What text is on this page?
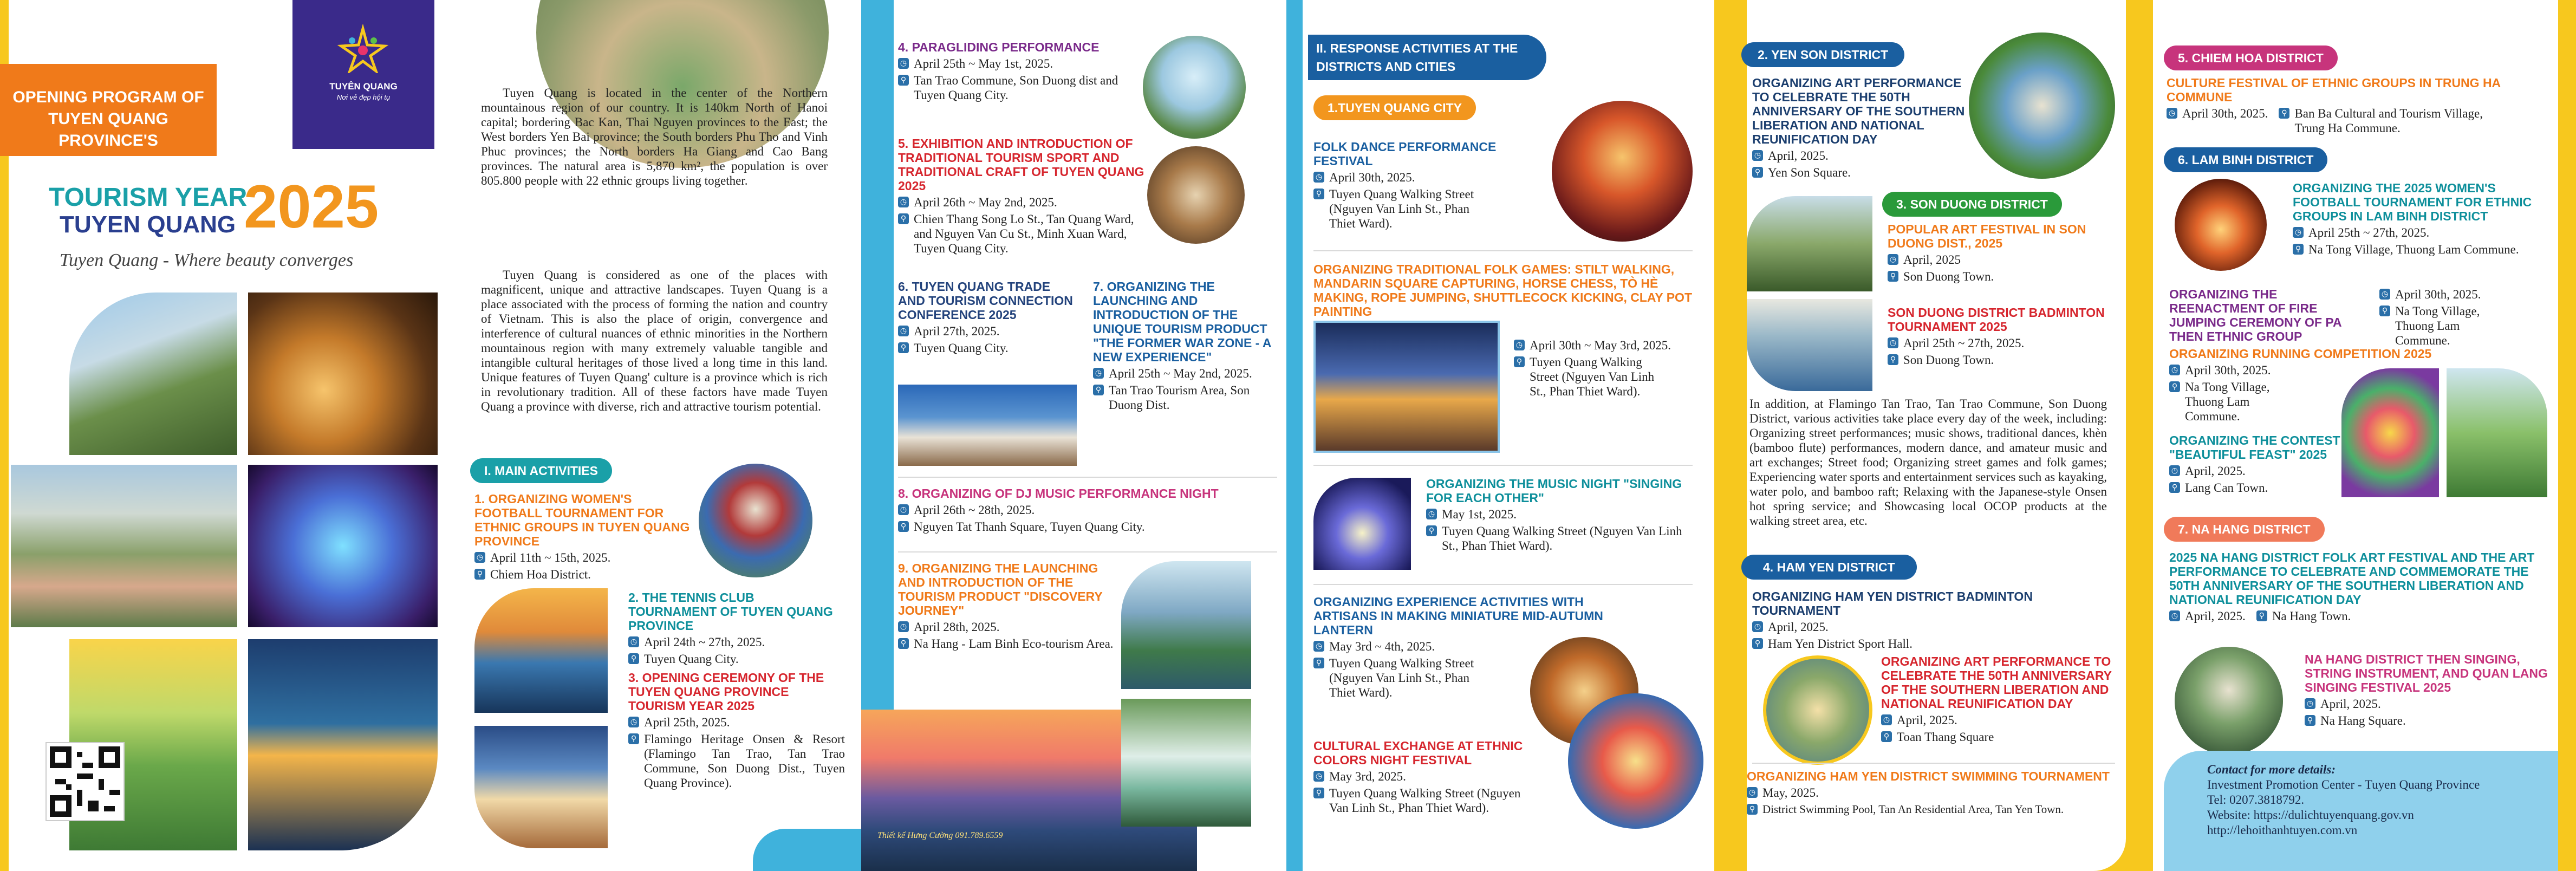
OPENING PROGRAM OF
TUYEN QUANG PROVINCE'S
TUYÊN QUANG
Nơi vẻ đẹp hội tụ
TOURISM YEAR
TUYEN QUANG 2025
Tuyen Quang - Where beauty converges
Tuyen Quang is located in the center of the Northern mountainous region of our country. It is 140km North of Hanoi capital; bordering Bac Kan, Thai Nguyen provinces to the East; the West borders Yen Bai province; the South borders Phu Tho and Vinh Phuc provinces; the North borders Ha Giang and Cao Bang provinces. The natural area is 5,870 km², the population is over 805.800 people with 22 ethnic groups living together.
Tuyen Quang is considered as one of the places with magnificent, unique and attractive landscapes. Tuyen Quang is a place associated with the process of forming the nation and country of Vietnam. This is also the place of origin, convergence and interference of cultural nuances of ethnic minorities in the Northern mountainous region with many extremely valuable tangible and intangible cultural heritages of those lived a long time in this land. Unique features of Tuyen Quang' culture is a province which is rich in revolutionary tradition. All of these factors have made Tuyen Quang a province with diverse, rich and attractive tourism potential.
I. MAIN ACTIVITIES
1. ORGANIZING WOMEN'S FOOTBALL TOURNAMENT FOR ETHNIC GROUPS IN TUYEN QUANG PROVINCE
◷ April 11th ~ 15th, 2025.
⚲ Chiem Hoa District.
2. THE TENNIS CLUB TOURNAMENT OF TUYEN QUANG PROVINCE
◷ April 24th ~ 27th, 2025.
⚲ Tuyen Quang City.
3. OPENING CEREMONY OF THE TUYEN QUANG PROVINCE TOURISM YEAR 2025
◷ April 25th, 2025.
⚲ Flamingo Heritage Onsen & Resort (Flamingo Tan Trao, Tan Trao Commune, Son Duong Dist., Tuyen Quang Province).
4. PARAGLIDING PERFORMANCE
◷ April 25th ~ May 1st, 2025.
⚲ Tan Trao Commune, Son Duong dist and Tuyen Quang City.
5. EXHIBITION AND INTRODUCTION OF TRADITIONAL TOURISM SPORT AND TRADITIONAL CRAFT OF TUYEN QUANG 2025
◷ April 26th ~ May 2nd, 2025.
⚲ Chien Thang Song Lo St., Tan Quang Ward, and Nguyen Van Cu St., Minh Xuan Ward, Tuyen Quang City.
6. TUYEN QUANG TRADE AND TOURISM CONNECTION CONFERENCE 2025
◷ April 27th, 2025.
⚲ Tuyen Quang City.
7. ORGANIZING THE LAUNCHING AND INTRODUCTION OF THE UNIQUE TOURISM PRODUCT "THE FORMER WAR ZONE - A NEW EXPERIENCE"
◷ April 25th ~ May 2nd, 2025.
⚲ Tan Trao Tourism Area, Son Duong Dist.
8. ORGANIZING OF DJ MUSIC PERFORMANCE NIGHT
◷ April 26th ~ 28th, 2025.
⚲ Nguyen Tat Thanh Square, Tuyen Quang City.
9. ORGANIZING THE LAUNCHING AND INTRODUCTION OF THE TOURISM PRODUCT "DISCOVERY JOURNEY"
◷ April 28th, 2025.
⚲ Na Hang - Lam Binh Eco-tourism Area.
Thiết kế Hưng Cường 091.789.6559
II. RESPONSE ACTIVITIES AT THE DISTRICTS AND CITIES
1.TUYEN QUANG CITY
FOLK DANCE PERFORMANCE FESTIVAL
◷ April 30th, 2025.
⚲ Tuyen Quang Walking Street (Nguyen Van Linh St., Phan Thiet Ward).
ORGANIZING TRADITIONAL FOLK GAMES: STILT WALKING, MANDARIN SQUARE CAPTURING, HORSE CHESS, TÒ HÈ MAKING, ROPE JUMPING, SHUTTLECOCK KICKING, CLAY POT PAINTING
◷ April 30th ~ May 3rd, 2025.
⚲ Tuyen Quang Walking Street (Nguyen Van Linh St., Phan Thiet Ward).
ORGANIZING THE MUSIC NIGHT "SINGING FOR EACH OTHER"
◷ May 1st, 2025.
⚲ Tuyen Quang Walking Street (Nguyen Van Linh St., Phan Thiet Ward).
ORGANIZING EXPERIENCE ACTIVITIES WITH ARTISANS IN MAKING MINIATURE MID-AUTUMN LANTERN
◷ May 3rd ~ 4th, 2025.
⚲ Tuyen Quang Walking Street (Nguyen Van Linh St., Phan Thiet Ward).
CULTURAL EXCHANGE AT ETHNIC COLORS NIGHT FESTIVAL
◷ May 3rd, 2025.
⚲ Tuyen Quang Walking Street (Nguyen Van Linh St., Phan Thiet Ward).
2. YEN SON DISTRICT
ORGANIZING ART PERFORMANCE TO CELEBRATE THE 50TH ANNIVERSARY OF THE SOUTHERN LIBERATION AND NATIONAL REUNIFICATION DAY
◷ April, 2025.
⚲ Yen Son Square.
3. SON DUONG DISTRICT
POPULAR ART FESTIVAL IN SON DUONG DIST., 2025
◷ April, 2025
⚲ Son Duong Town.
SON DUONG DISTRICT BADMINTON TOURNAMENT 2025
◷ April 25th ~ 27th, 2025.
⚲ Son Duong Town.
In addition, at Flamingo Tan Trao, Tan Trao Commune, Son Duong District, various activities take place every day of the week, including: Organizing street performances; music shows, traditional dances, khèn (bamboo flute) performances, modern dance, and amateur music and art exchanges; Street food; Organizing street games and folk games; Experiencing water sports and entertainment services such as kayaking, water polo, and bamboo raft; Relaxing with the Japanese-style Onsen hot spring service; and Showcasing local OCOP products at the walking street area, etc.
4. HAM YEN DISTRICT
ORGANIZING HAM YEN DISTRICT BADMINTON TOURNAMENT
◷ April, 2025.
⚲ Ham Yen District Sport Hall.
ORGANIZING ART PERFORMANCE TO CELEBRATE THE 50TH ANNIVERSARY OF THE SOUTHERN LIBERATION AND NATIONAL REUNIFICATION DAY
◷ April, 2025.
⚲ Toan Thang Square
ORGANIZING HAM YEN DISTRICT SWIMMING TOURNAMENT
◷ May, 2025.
⚲ District Swimming Pool, Tan An Residential Area, Tan Yen Town.
5. CHIEM HOA DISTRICT
CULTURE FESTIVAL OF ETHNIC GROUPS IN TRUNG HA COMMUNE
◷ April 30th, 2025.	⚲ Ban Ba Cultural and Tourism Village, Trung Ha Commune.
6. LAM BINH DISTRICT
ORGANIZING THE 2025 WOMEN'S FOOTBALL TOURNAMENT FOR ETHNIC GROUPS IN LAM BINH DISTRICT
◷ April 25th ~ 27th, 2025.
⚲ Na Tong Village, Thuong Lam Commune.
ORGANIZING THE REENACTMENT OF FIRE JUMPING CEREMONY OF PA THEN ETHNIC GROUP
◷ April 30th, 2025.
⚲ Na Tong Village, Thuong Lam Commune.
ORGANIZING RUNNING COMPETITION 2025
◷ April 30th, 2025.
⚲ Na Tong Village, Thuong Lam Commune.
ORGANIZING THE CONTEST "BEAUTIFUL FEAST" 2025
◷ April, 2025.
⚲ Lang Can Town.
7. NA HANG DISTRICT
2025 NA HANG DISTRICT FOLK ART FESTIVAL AND THE ART PERFORMANCE TO CELEBRATE AND COMMEMORATE THE 50TH ANNIVERSARY OF THE SOUTHERN LIBERATION AND NATIONAL REUNIFICATION DAY
◷ April, 2025.	⚲ Na Hang Town.
NA HANG DISTRICT THEN SINGING, STRING INSTRUMENT, AND QUAN LANG SINGING FESTIVAL 2025
◷ April, 2025.
⚲ Na Hang Square.
Contact for more details:
Investment Promotion Center - Tuyen Quang Province
Tel: 0207.3818792.
Website: https://dulichtuyenquang.gov.vn
http://lehoithanhtuyen.com.vn
